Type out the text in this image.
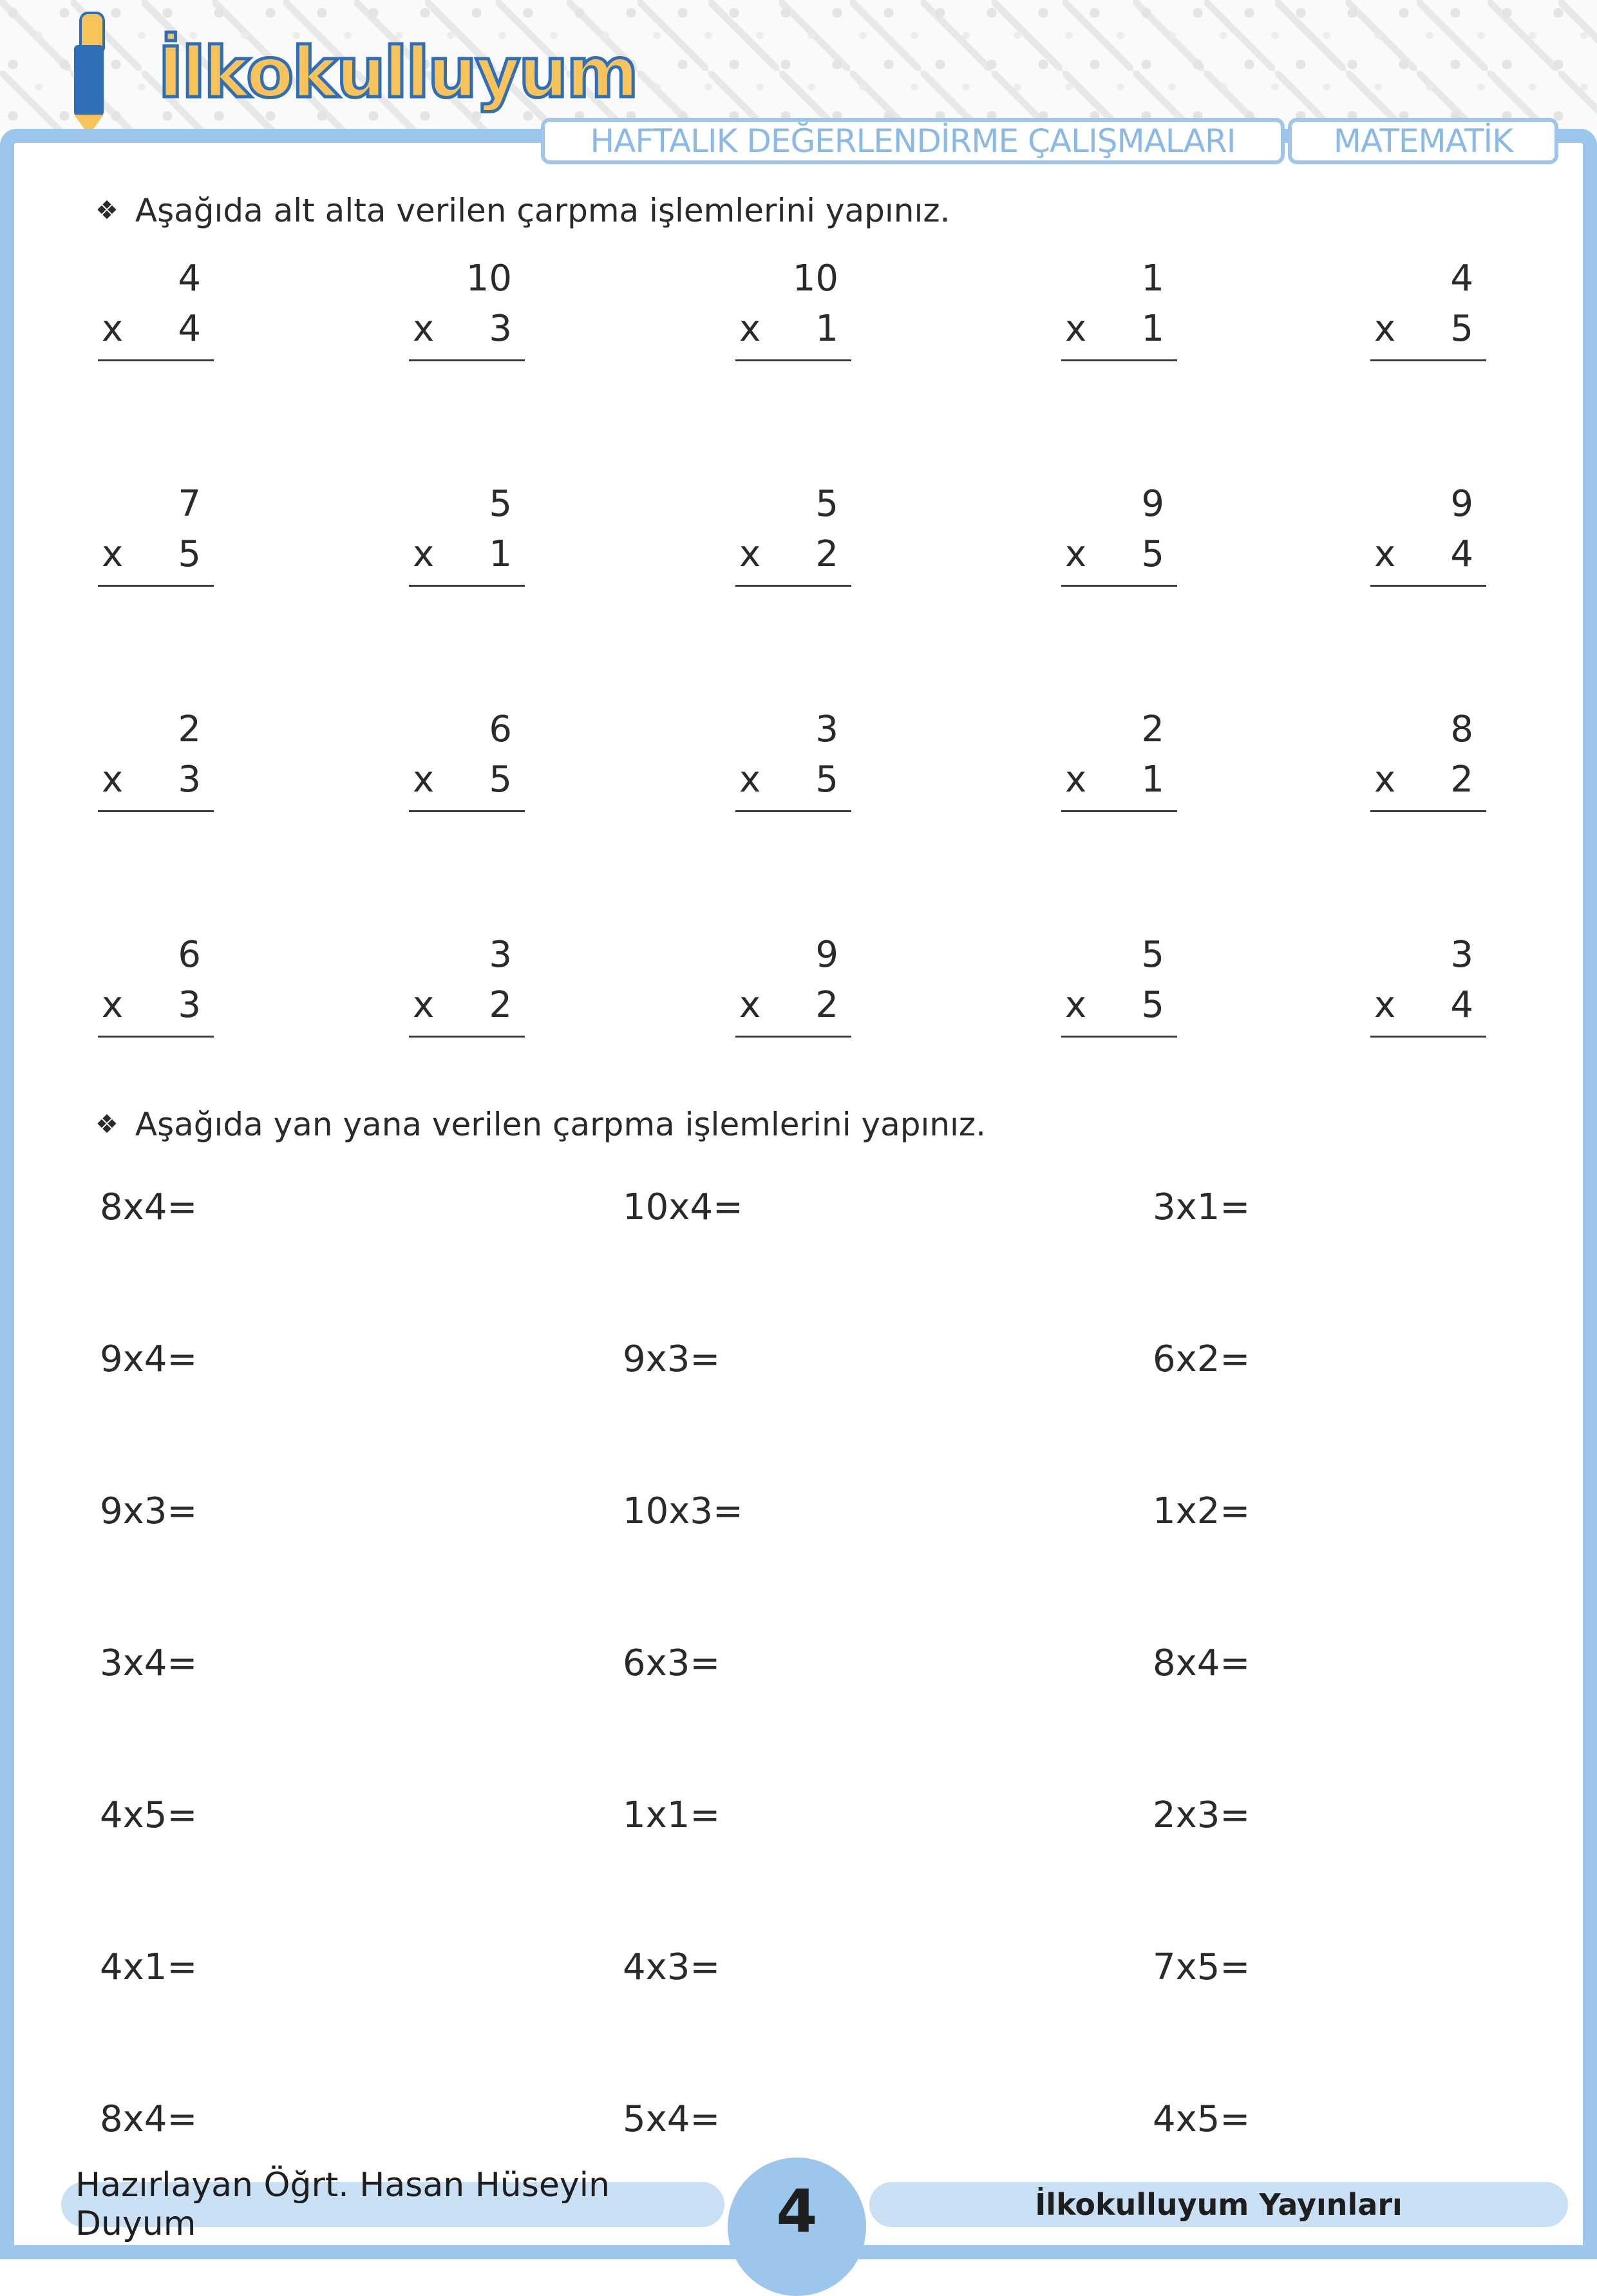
İlkokulluyum
HAFTALIK DEĞERLENDİRME ÇALIŞMALARI	MATEMATİK
❖ Aşağıda alt alta verilen çarpma işlemlerini yapınız.
4
x 4
10
x 3
10
x 1
1
x 1
4
x 5
7
x 5
5
x 1
5
x 2
9
x 5
9
x 4
2
x 3
6
x 5
3
x 5
2
x 1
8
x 2
6
x 3
3
x 2
9
x 2
5
x 5
3
x 4
❖ Aşağıda yan yana verilen çarpma işlemlerini yapınız.
8x4=	10x4=	3x1=
9x4=	9x3=	6x2=
9x3=	10x3=	1x2=
3x4=	6x3=	8x4=
4x5=	1x1=	2x3=
4x1=	4x3=	7x5=
8x4=	5x4=	4x5=
Hazırlayan Öğrt. Hasan Hüseyin Duyum	4	İlkokulluyum Yayınları
